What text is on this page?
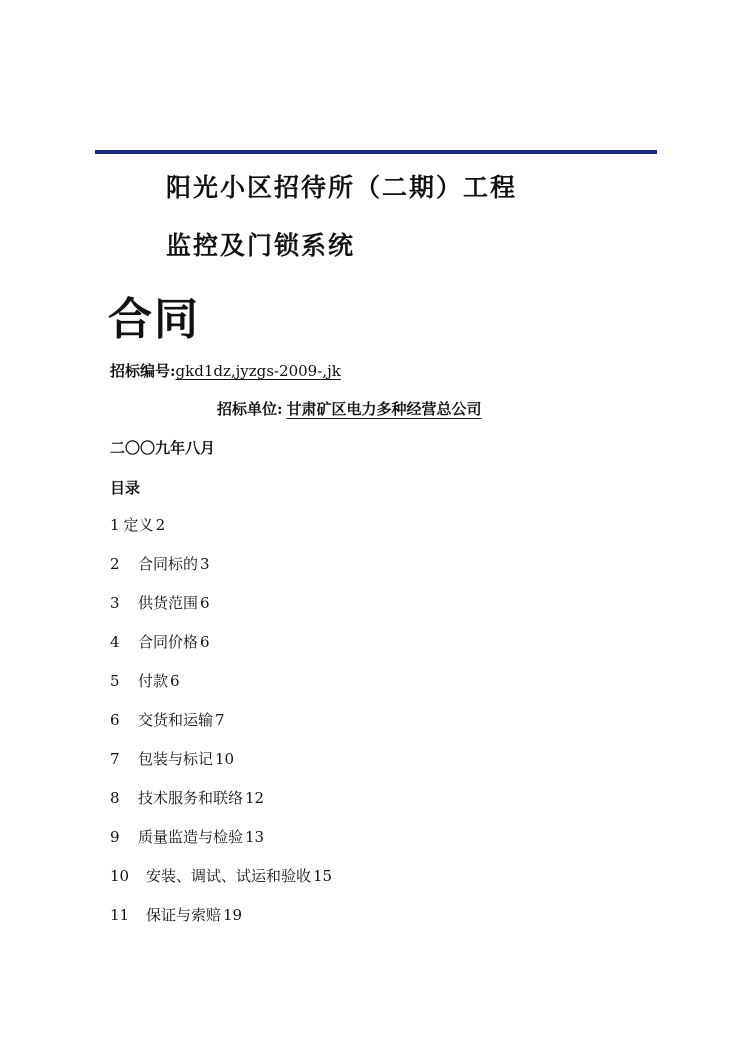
阳光小区招待所（二期）工程
监控及门锁系统
合同
招标编号:gkd1dz,jyzgs-2009-,jk
招标单位: 甘肃矿区电力多种经营总公司
二〇〇九年八月
目录
1 定义 2
2 合同标的 3
3 供货范围 6
4 合同价格 6
5 付款 6
6 交货和运输 7
7 包装与标记 10
8 技术服务和联络 12
9 质量监造与检验 13
10 安装、调试、试运和验收 15
11 保证与索赔 19
